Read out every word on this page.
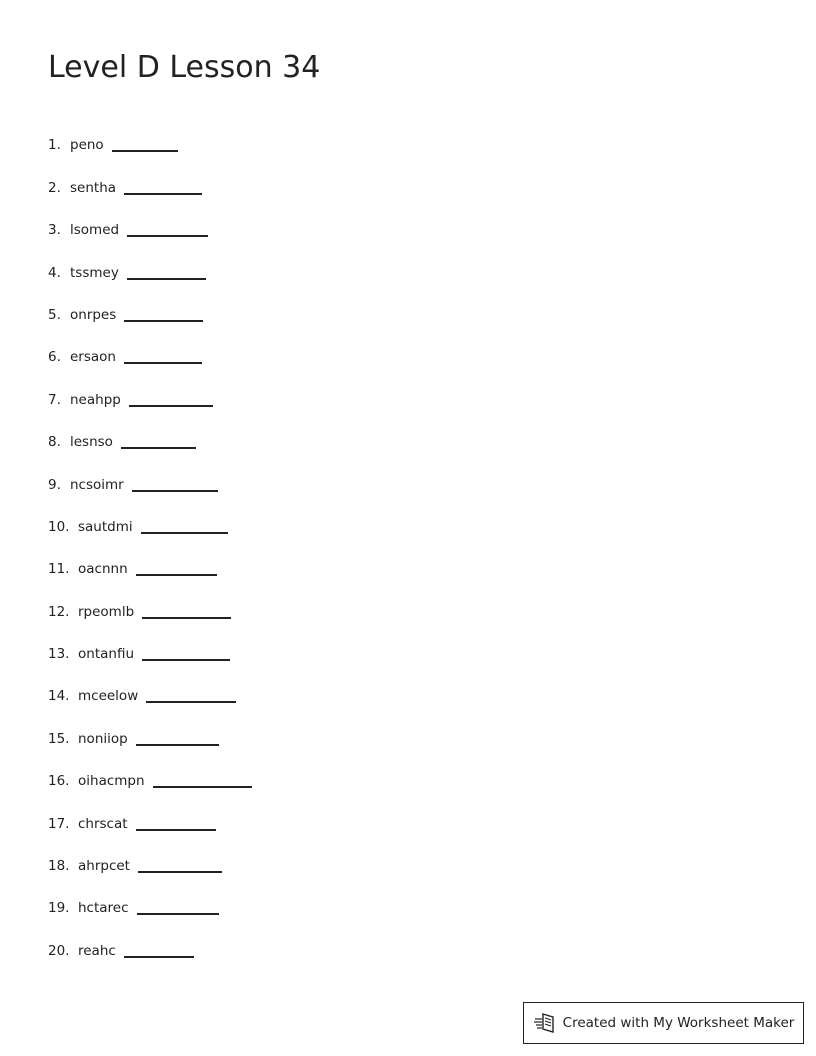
Level D Lesson 34
1. peno
2. sentha
3. lsomed
4. tssmey
5. onrpes
6. ersaon
7. neahpp
8. lesnso
9. ncsoimr
10. sautdmi
11. oacnnn
12. rpeomlb
13. ontanfiu
14. mceelow
15. noniiop
16. oihacmpn
17. chrscat
18. ahrpcet
19. hctarec
20. reahc
Created with My Worksheet Maker
